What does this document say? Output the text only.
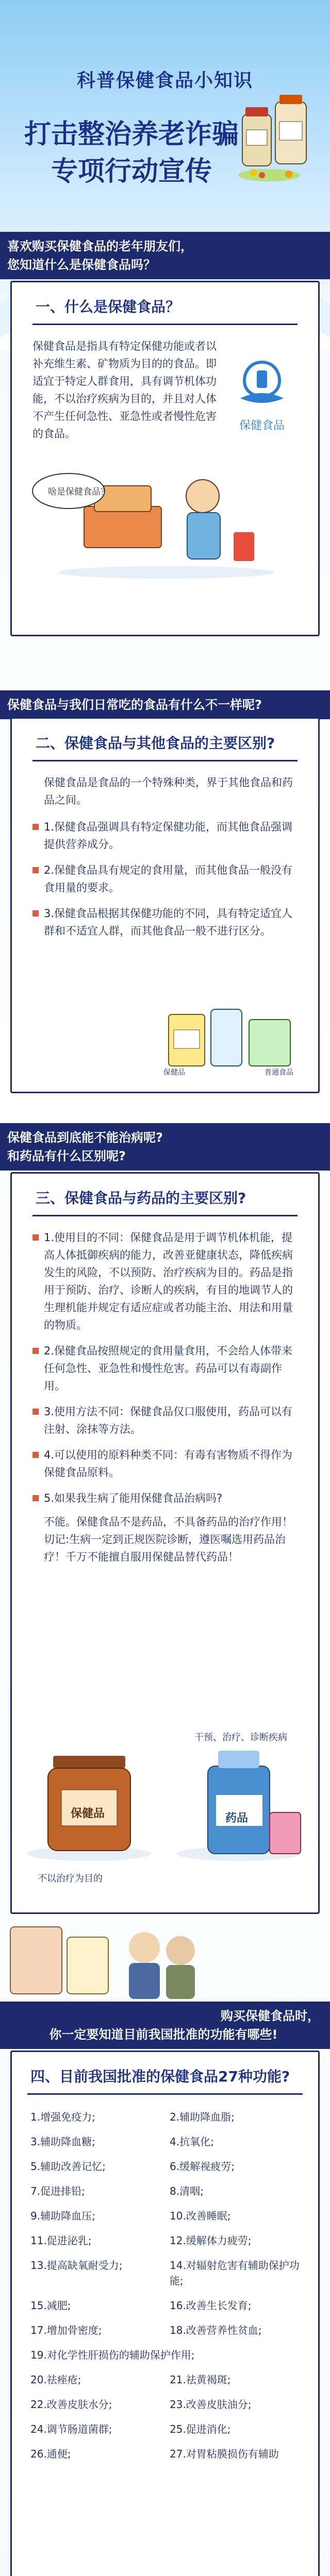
科普保健食品小知识
打击整治养老诈骗
专项行动宣传
喜欢购买保健食品的老年朋友们，
您知道什么是保健食品吗？
一、什么是保健食品？
保健食品是指具有特定保健功能或者以补充维生素、矿物质为目的的食品。即适宜于特定人群食用，具有调节机体功能，不以治疗疾病为目的，并且对人体不产生任何急性、亚急性或者慢性危害的食品。
保健食品
啥是保健食品？
保健食品与我们日常吃的食品有什么不一样呢?
二、保健食品与其他食品的主要区别?
保健食品是食品的一个特殊种类，界于其他食品和药品之间。
1.保健食品强调具有特定保健功能，而其他食品强调提供营养成分。
2.保健食品具有规定的食用量，而其他食品一般没有食用量的要求。
3.保健食品根据其保健功能的不同，具有特定适宜人群和不适宜人群，而其他食品一般不进行区分。
保健品	普通食品
保健食品到底能不能治病呢?
和药品有什么区别呢?
三、保健食品与药品的主要区别?
1.使用目的不同：保健食品是用于调节机体机能，提高人体抵御疾病的能力，改善亚健康状态，降低疾病发生的风险，不以预防、治疗疾病为目的。药品是指用于预防、治疗、诊断人的疾病，有目的地调节人的生理机能并规定有适应症或者功能主治、用法和用量的物质。
2.保健食品按照规定的食用量食用，不会给人体带来任何急性、亚急性和慢性危害。药品可以有毒副作用。
3.使用方法不同：保健食品仅口服使用，药品可以有注射、涂抹等方法。
4.可以使用的原料种类不同：有毒有害物质不得作为保健食品原料。
5.如果我生病了能用保健食品治病吗?
不能。保健食品不是药品，不具备药品的治疗作用！切记:生病一定到正规医院诊断，遵医嘱选用药品治疗！千万不能擅自服用保健品替代药品！
干预、治疗、诊断疾病
保健品	药品
不以治疗为目的
购买保健食品时，
你一定要知道目前我国批准的功能有哪些!
四、目前我国批准的保健食品27种功能?
1.增强免疫力;	2.辅助降血脂;
3.辅助降血糖;	4.抗氧化;
5.辅助改善记忆;	6.缓解视疲劳;
7.促进排铅;	8.清咽;
9.辅助降血压;	10.改善睡眠;
11.促进泌乳;	12.缓解体力疲劳;
13.提高缺氧耐受力;	14.对辐射危害有辅助保护功能;
15.减肥;	16.改善生长发育;
17.增加骨密度;	18.改善营养性贫血;
19.对化学性肝损伤的辅助保护作用;
20.祛痤疮;	21.祛黄褐斑;
22.改善皮肤水分;	23.改善皮肤油分;
24.调节肠道菌群;	25.促进消化;
26.通便;	27.对胃粘膜损伤有辅助
